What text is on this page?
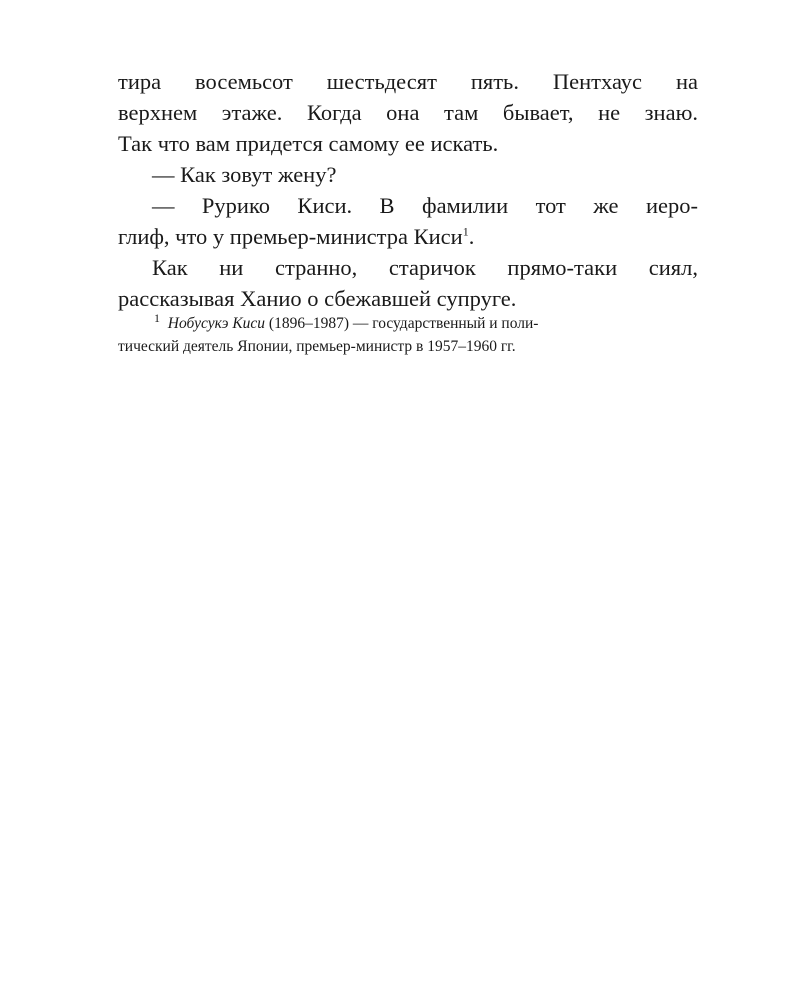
тира восемьсот шестьдесят пять. Пентхаус на
верхнем этаже. Когда она там бывает, не знаю.
Так что вам придется самому ее искать.

— Как зовут жену?

— Рурико Киси. В фамилии тот же иеро-
глиф, что у премьер-министра Киси$^1$.

Как ни странно, старичок прямо-таки сиял,
рассказывая Ханио о сбежавшей супруге.

$^1$ Нобусукэ Киси (1896–1987) — государственный и поли-
тический деятель Японии, премьер-министр в 1957–1960 гг.
